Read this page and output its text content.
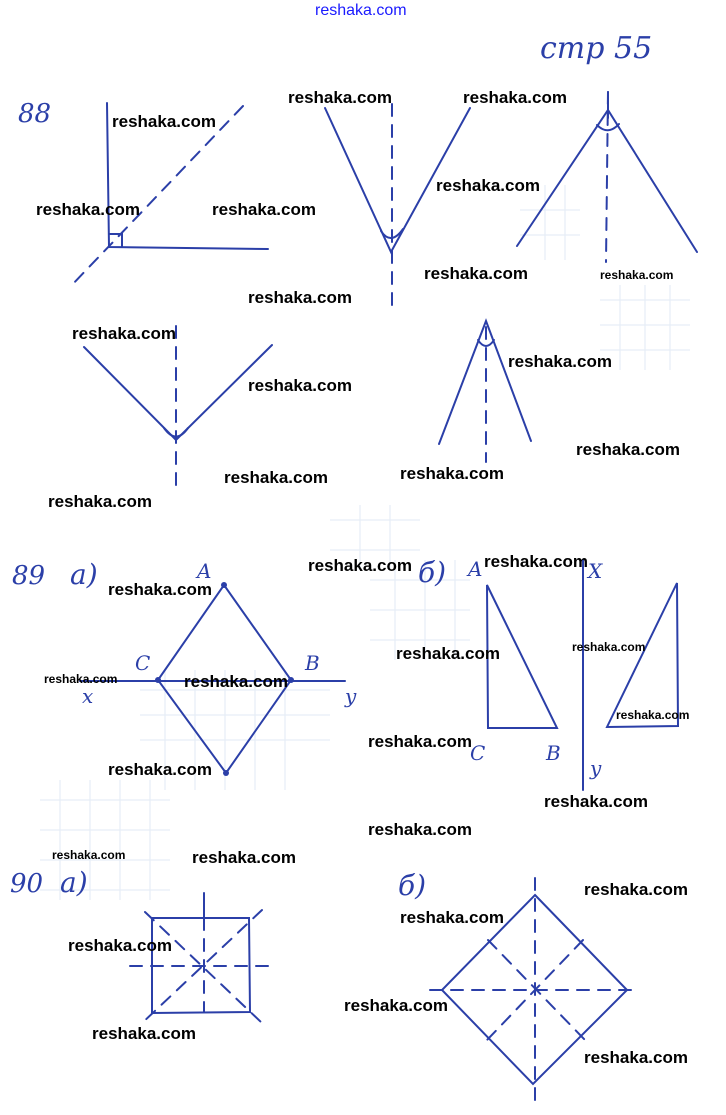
reshaka.com
стр 55
88
89 а)	б)
A
B
C
x	y
A
C	B
X
y
90 а)	б)
reshaka.com
reshaka.com	reshaka.com
reshaka.com	reshaka.com
reshaka.com
reshaka.com	reshaka.com
reshaka.com
reshaka.com
reshaka.com
reshaka.com
reshaka.com
reshaka.com
reshaka.com
reshaka.com
reshaka.com
reshaka.com
reshaka.com
reshaka.com
reshaka.com
reshaka.com	reshaka.com
reshaka.com
reshaka.com
reshaka.com
reshaka.com
reshaka.com
reshaka.com	reshaka.com
reshaka.com
reshaka.com
reshaka.com
reshaka.com
reshaka.com
reshaka.com
